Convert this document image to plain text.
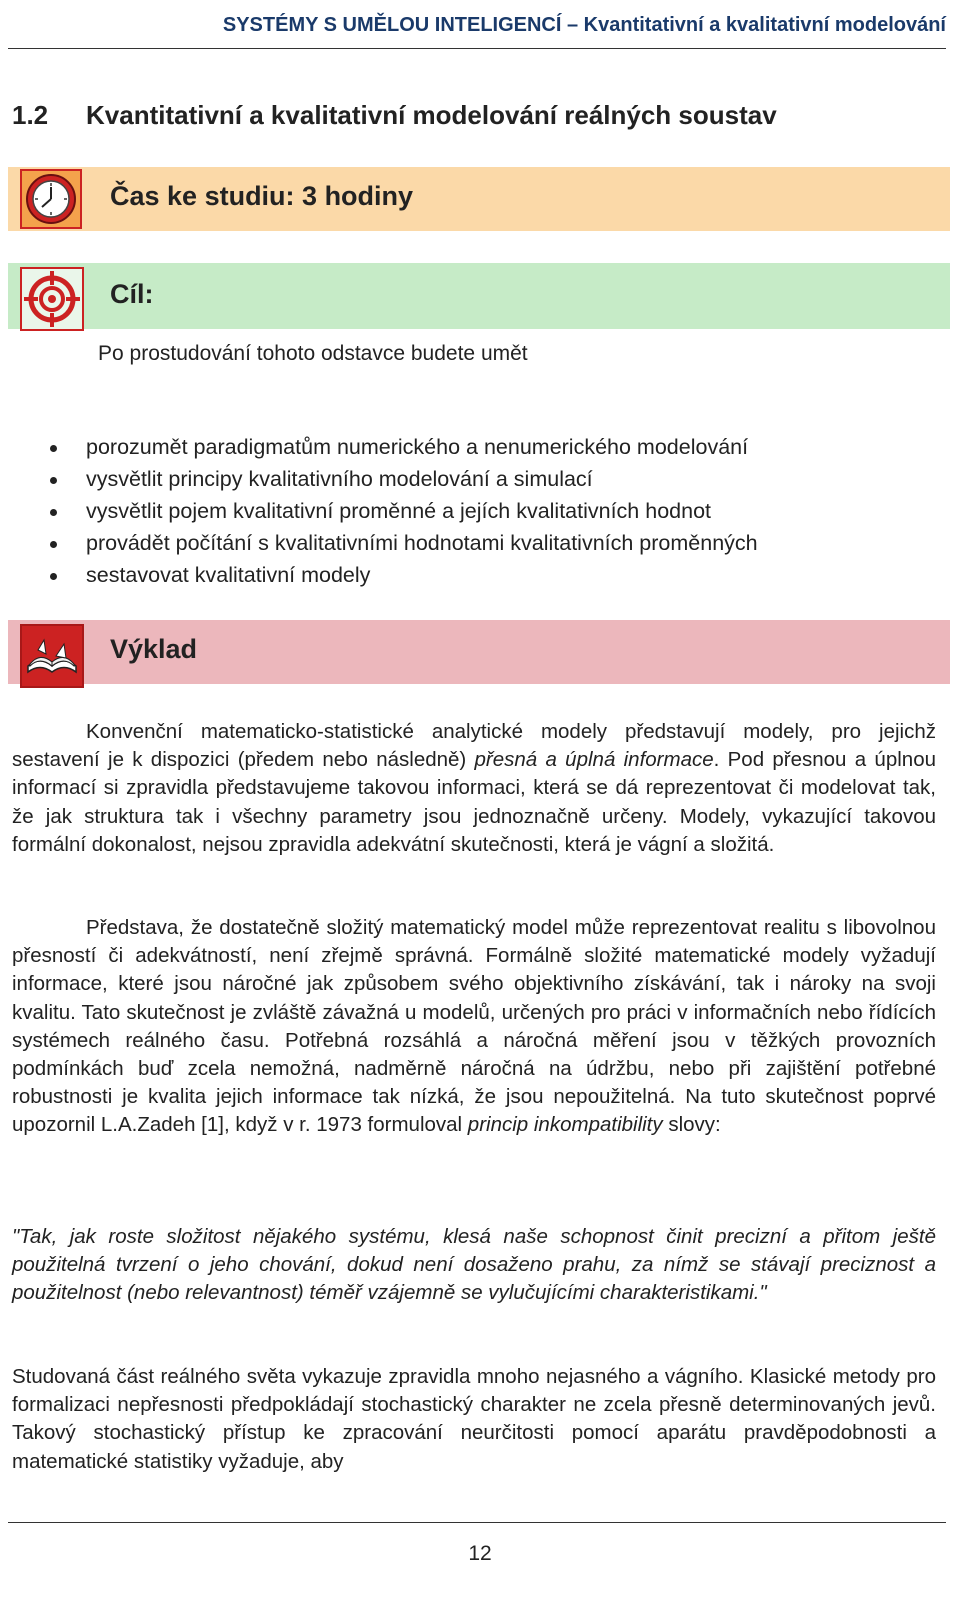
SYSTÉMY S UMĚLOU INTELIGENCÍ – Kvantitativní a kvalitativní modelování
1.2 Kvantitativní a kvalitativní modelování reálných soustav
Čas ke studiu: 3 hodiny
Cíl:
Po prostudování tohoto odstavce budete umět
porozumět paradigmatům numerického a nenumerického modelování
vysvětlit principy kvalitativního modelování a simulací
vysvětlit pojem kvalitativní proměnné a jejích kvalitativních hodnot
provádět počítání s kvalitativními hodnotami kvalitativních proměnných
sestavovat kvalitativní modely
Výklad

Konvenční matematicko-statistické analytické modely představují modely, pro jejichž sestavení je k dispozici (předem nebo následně) přesná a úplná informace. Pod přesnou a úplnou informací si zpravidla představujeme takovou informaci, která se dá reprezentovat či modelovat tak, že jak struktura tak i všechny parametry jsou jednoznačně určeny. Modely, vykazující takovou formální dokonalost, nejsou zpravidla adekvátní skutečnosti, která je vágní a složitá.

Představa, že dostatečně složitý matematický model může reprezentovat realitu s libovolnou přesností či adekvátností, není zřejmě správná. Formálně složité matematické modely vyžadují informace, které jsou náročné jak způsobem svého objektivního získávání, tak i nároky na svoji kvalitu. Tato skutečnost je zvláště závažná u modelů, určených pro práci v informačních nebo řídících systémech reálného času. Potřebná rozsáhlá a náročná měření jsou v těžkých provozních podmínkách buď zcela nemožná, nadměrně náročná na údržbu, nebo při zajištění potřebné robustnosti je kvalita jejich informace tak nízká, že jsou nepoužitelná. Na tuto skutečnost poprvé upozornil L.A.Zadeh [1], když v r. 1973 formuloval princip inkompatibility slovy:

"Tak, jak roste složitost nějakého systému, klesá naše schopnost činit precizní a přitom ještě použitelná tvrzení o jeho chování, dokud není dosaženo prahu, za nímž se stávají preciznost a použitelnost (nebo relevantnost) téměř vzájemně se vylučujícími charakteristikami."

Studovaná část reálného světa vykazuje zpravidla mnoho nejasného a vágního. Klasické metody pro formalizaci nepřesnosti předpokládají stochastický charakter ne zcela přesně determinovaných jevů. Takový stochastický přístup ke zpracování neurčitosti pomocí aparátu pravděpodobnosti a matematické statistiky vyžaduje, aby

12
